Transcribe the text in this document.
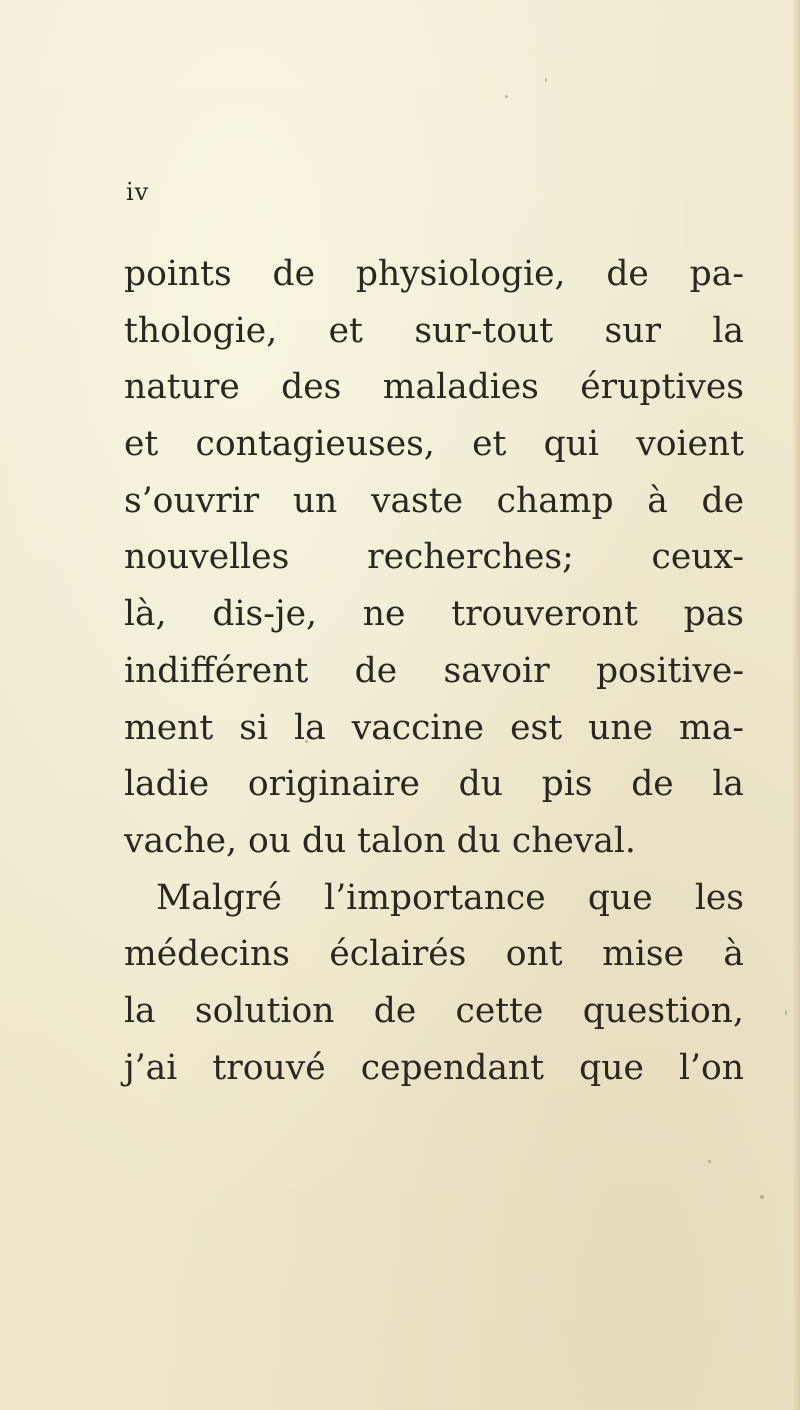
iv
points de physiologie, de pa-
thologie, et sur-tout sur la
nature des maladies éruptives
et contagieuses, et qui voient
s’ouvrir un vaste champ à de
nouvelles recherches; ceux-
là, dis-je, ne trouveront pas
indifférent de savoir positive-
ment si la vaccine est une ma-
ladie originaire du pis de la
vache, ou du talon du cheval.
Malgré l’importance que les
médecins éclairés ont mise à
la solution de cette question,
j’ai trouvé cependant que l’on
